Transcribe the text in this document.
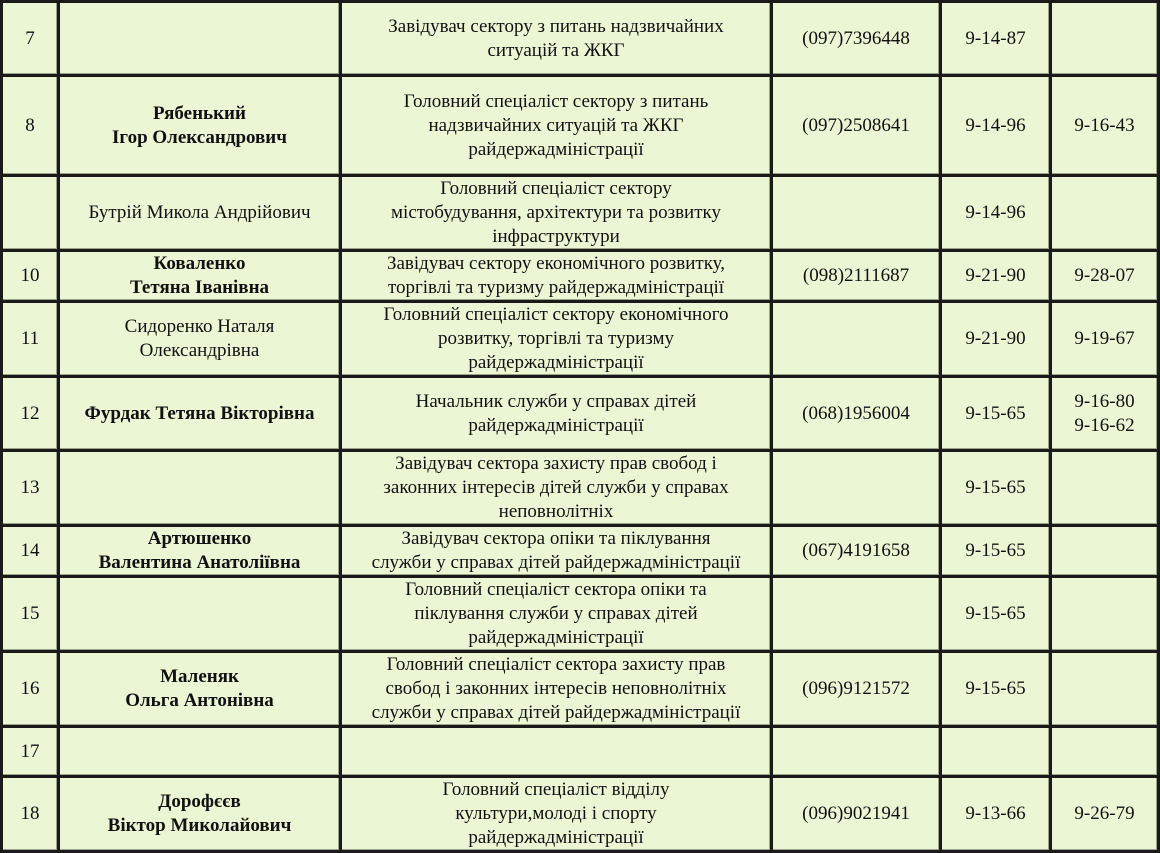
7		Завідувач сектору з питань надзвичайних
ситуацій та ЖКГ	(097)7396448	9-14-87	
8	Рябенький
Ігор Олександрович	Головний спеціаліст сектору з питань
надзвичайних ситуацій та ЖКГ
райдержадміністрації	(097)2508641	9-14-96	9-16-43
	Бутрій Микола Андрійович	Головний спеціаліст сектору
містобудування, архітектури та розвитку
інфраструктури		9-14-96	
10	Коваленко
Тетяна Іванівна	Завідувач сектору економічного розвитку,
торгівлі та туризму райдержадміністрації	(098)2111687	9-21-90	9-28-07
11	Сидоренко Наталя
Олександрівна	Головний спеціаліст сектору економічного
розвитку, торгівлі та туризму
райдержадміністрації		9-21-90	9-19-67
12	Фурдак Тетяна Вікторівна	Начальник служби у справах дітей
райдержадміністрації	(068)1956004	9-15-65	9-16-80
9-16-62
13		Завідувач сектора захисту прав свобод і
законних інтересів дітей служби у справах
неповнолітніх		9-15-65	
14	Артюшенко
Валентина Анатоліївна	Завідувач сектора опіки та піклування
служби у справах дітей райдержадміністрації	(067)4191658	9-15-65	
15		Головний спеціаліст сектора опіки та
піклування служби у справах дітей
райдержадміністрації		9-15-65	
16	Маленяк
Ольга Антонівна	Головний спеціаліст сектора захисту прав
свобод і законних інтересів неповнолітніх
служби у справах дітей райдержадміністрації	(096)9121572	9-15-65	
17					
18	Дорофєєв
Віктор Миколайович	Головний спеціаліст відділу
культури,молоді і спорту
райдержадміністрації	(096)9021941	9-13-66	9-26-79
